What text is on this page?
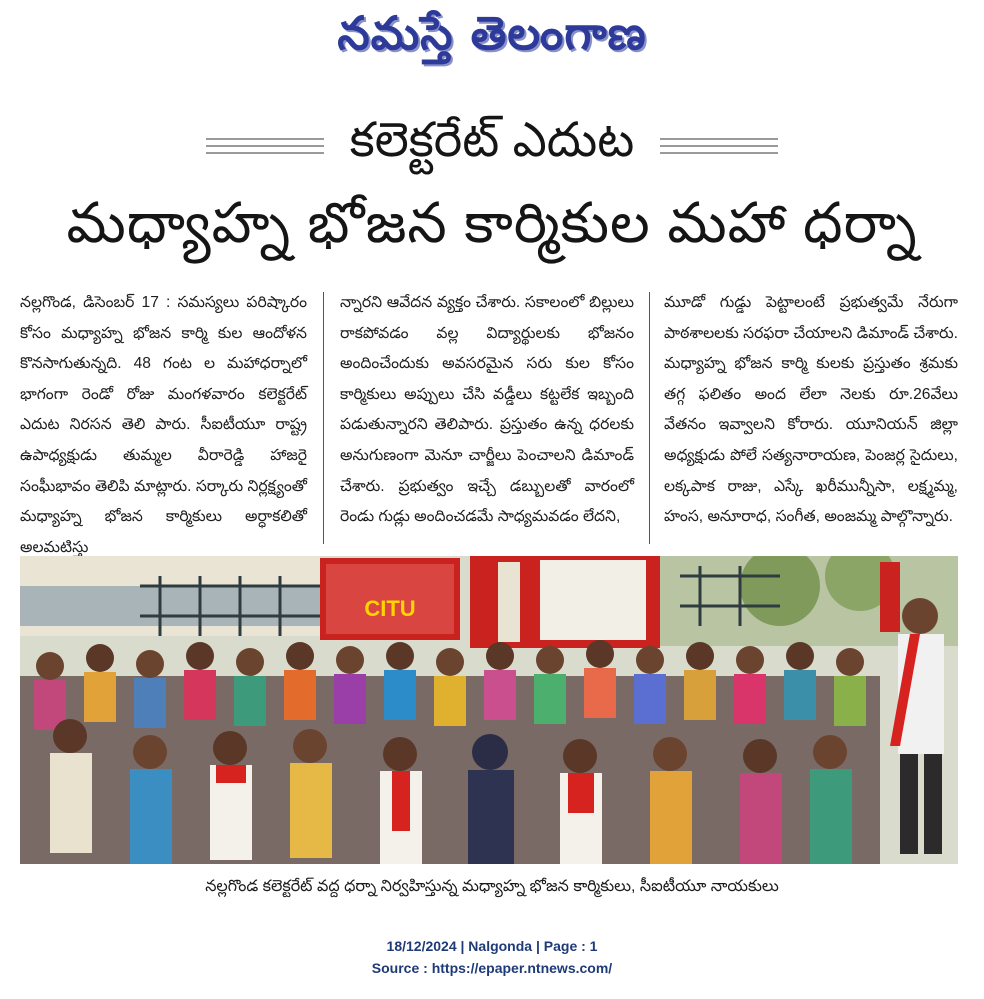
నమస్తే తెలంగాణ
కలెక్టరేట్ ఎదుట
మధ్యాహ్న భోజన కార్మికుల మహా ధర్నా

నల్లగొండ, డిసెంబర్ 17 : సమస్యలు పరిష్కారం కోసం మధ్యాహ్న భోజన కార్మి కుల ఆందోళన కొనసాగుతున్నది. 48 గంట ల మహాధర్నాలో భాగంగా రెండో రోజు మంగళవారం కలెక్టరేట్ ఎదుట నిరసన తెలి పారు. సీఐటీయూ రాష్ట్ర ఉపాధ్యక్షుడు తుమ్మల వీరారెడ్డి హాజరై సంఘీభావం తెలిపి మాట్లారు. సర్కారు నిర్లక్ష్యంతో మధ్యాహ్న భోజన కార్మికులు అర్ధాకలితో అలమటిస్తు

న్నారని ఆవేదన వ్యక్తం చేశారు. సకాలంలో బిల్లులు రాకపోవడం వల్ల విద్యార్థులకు భోజనం అందించేందుకు అవసరమైన సరు కుల కోసం కార్మికులు అప్పులు చేసి వడ్డీలు కట్టలేక ఇబ్బంది పడుతున్నారని తెలిపారు. ప్రస్తుతం ఉన్న ధరలకు అనుగుణంగా మెనూ చార్జీలు పెంచాలని డిమాండ్ చేశారు. ప్రభుత్వం ఇచ్చే డబ్బులతో వారంలో రెండు గుడ్లు అందించడమే సాధ్యమవడం లేదని,

మూడో గుడ్డు పెట్టాలంటే ప్రభుత్వమే నేరుగా పాఠశాలలకు సరఫరా చేయాలని డిమాండ్ చేశారు. మధ్యాహ్న భోజన కార్మి కులకు ప్రస్తుతం శ్రమకు తగ్గ ఫలితం అంద లేలా నెలకు రూ.26వేలు వేతనం ఇవ్వాలని కోరారు. యూనియన్ జిల్లా అధ్యక్షుడు పోలే సత్యనారాయణ, పెంజర్ల సైదులు, లక్కపాక రాజు, ఎస్కే ఖరీమున్నీసా, లక్ష్మమ్మ, హంస, అనూరాధ, సంగీత, అంజమ్మ పాల్గొన్నారు.

CITU
నల్లగొండ కలెక్టరేట్ వద్ద ధర్నా నిర్వహిస్తున్న మధ్యాహ్న భోజన కార్మికులు, సీఐటీయూ నాయకులు
18/12/2024 | Nalgonda | Page : 1
Source : https://epaper.ntnews.com/
